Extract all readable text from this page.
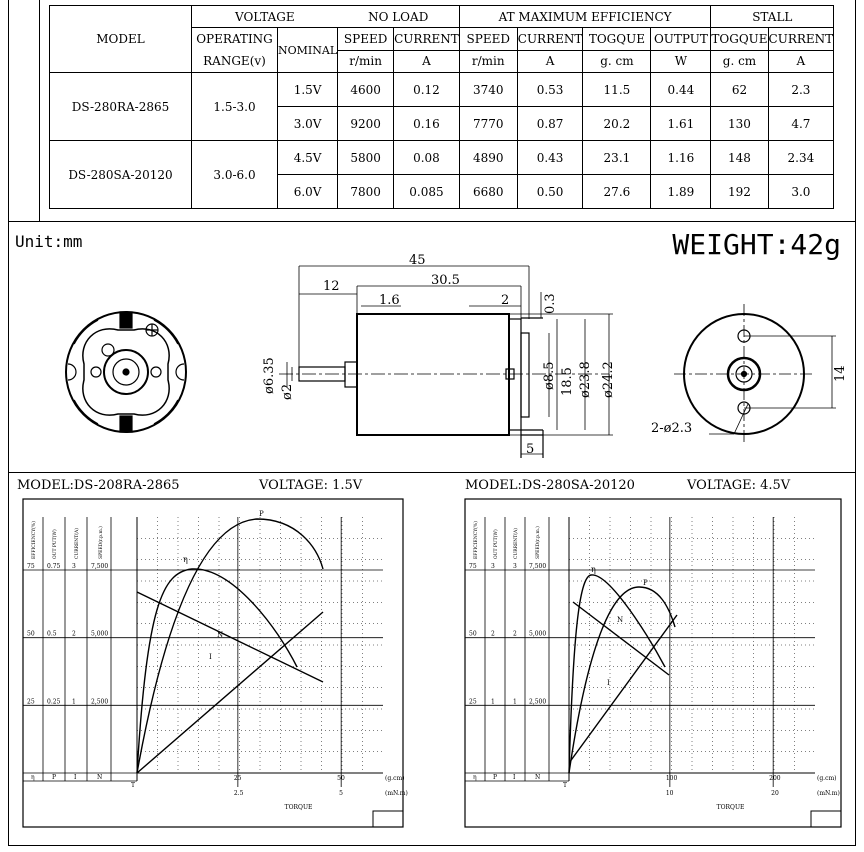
MODEL	VOLTAGE		NO LOAD		AT MAXIMUM EFFICIENCY				STALL	
	OPERATING
RANGE(v)	NOMINAL	SPEED	CURRENT	SPEED	CURRENT	TOGQUE	OUTPUT	TOGQUE	CURRENT
			r/min	A	r/min	A	g. cm	W	g. cm	A
DS-280RA-2865	1.5-3.0	1.5V	4600	0.12	3740	0.53	11.5	0.44	62	2.3
		3.0V	9200	0.16	7770	0.87	20.2	1.61	130	4.7
DS-280SA-20120	3.0-6.0	4.5V	5800	0.08	4890	0.43	23.1	1.16	148	2.34
		6.0V	7800	0.085	6680	0.50	27.6	1.89	192	3.0
Unit:mm	WEIGHT:42g
45
12	30.5
1.6	2	0.3
ø6.35 ø2
ø8.5 18.5 ø23.8 ø24.2
5
14
2-ø2.3
MODEL:DS-208RA-2865	VOLTAGE: 1.5V
EFFICIENCY(%)	OUT PUT(W)	CURRENT(A)	SPEED(r.p.m.)
75 0.75 3	7,500
50 0.5	2	5,000
25 0.25 1	2,500
η	P	I	N
T
25	50
2.5	5
(g.cm)
(mN.m)
TORQUE
η
P
N
I
MODEL:DS-280SA-20120	VOLTAGE: 4.5V
EFFICIENCY(%)	OUT PUT(W)	CURRENT(A)	SPEED(r.p.m.)
75 3	3 7,500
50 2	2 5,000
25 1	1 2,500
η	P	I	N
T
100	200
10	20
(g.cm)
(mN.m)
TORQUE
η
P
N
I
